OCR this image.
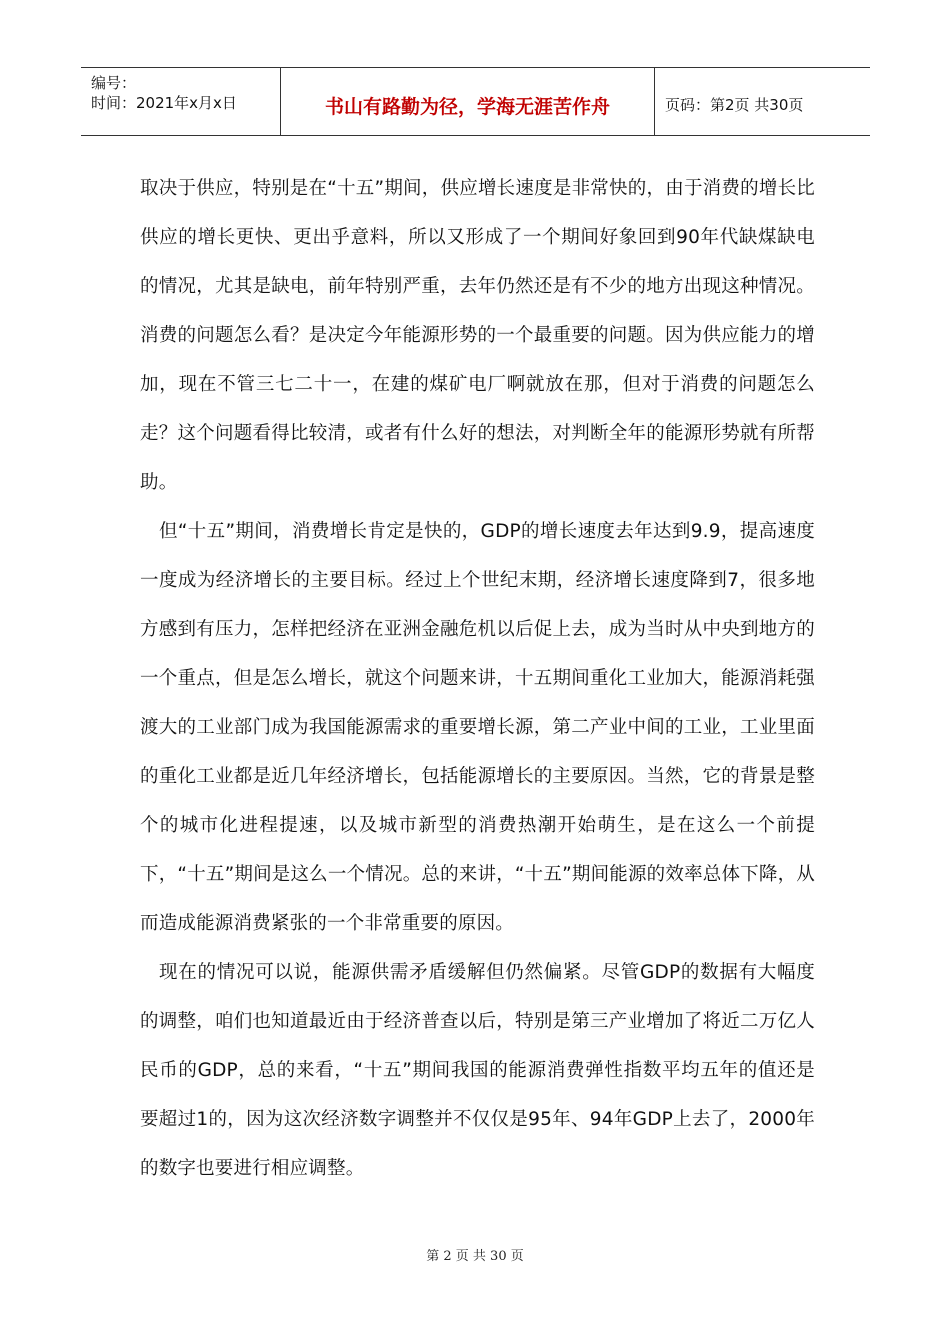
编号：
时间：2021年x月x日	书山有路勤为径，学海无涯苦作舟	页码：第2页 共30页

取决于供应，特别是在“十五”期间，供应增长速度是非常快的，由于消费的增长比供应的增长更快、更出乎意料，所以又形成了一个期间好象回到90年代缺煤缺电的情况，尤其是缺电，前年特别严重，去年仍然还是有不少的地方出现这种情况。消费的问题怎么看？是决定今年能源形势的一个最重要的问题。因为供应能力的增加，现在不管三七二十一，在建的煤矿电厂啊就放在那，但对于消费的问题怎么走？这个问题看得比较清，或者有什么好的想法，对判断全年的能源形势就有所帮助。

但“十五”期间，消费增长肯定是快的，GDP的增长速度去年达到9.9，提高速度一度成为经济增长的主要目标。经过上个世纪末期，经济增长速度降到7，很多地方感到有压力，怎样把经济在亚洲金融危机以后促上去，成为当时从中央到地方的一个重点，但是怎么增长，就这个问题来讲，十五期间重化工业加大，能源消耗强渡大的工业部门成为我国能源需求的重要增长源，第二产业中间的工业，工业里面的重化工业都是近几年经济增长，包括能源增长的主要原因。当然，它的背景是整个的城市化进程提速，以及城市新型的消费热潮开始萌生，是在这么一个前提下，“十五”期间是这么一个情况。总的来讲，“十五”期间能源的效率总体下降，从而造成能源消费紧张的一个非常重要的原因。

现在的情况可以说，能源供需矛盾缓解但仍然偏紧。尽管GDP的数据有大幅度的调整，咱们也知道最近由于经济普查以后，特别是第三产业增加了将近二万亿人民币的GDP，总的来看，“十五”期间我国的能源消费弹性指数平均五年的值还是要超过1的，因为这次经济数字调整并不仅仅是95年、94年GDP上去了，2000年的数字也要进行相应调整。

第 2 页 共 30 页
